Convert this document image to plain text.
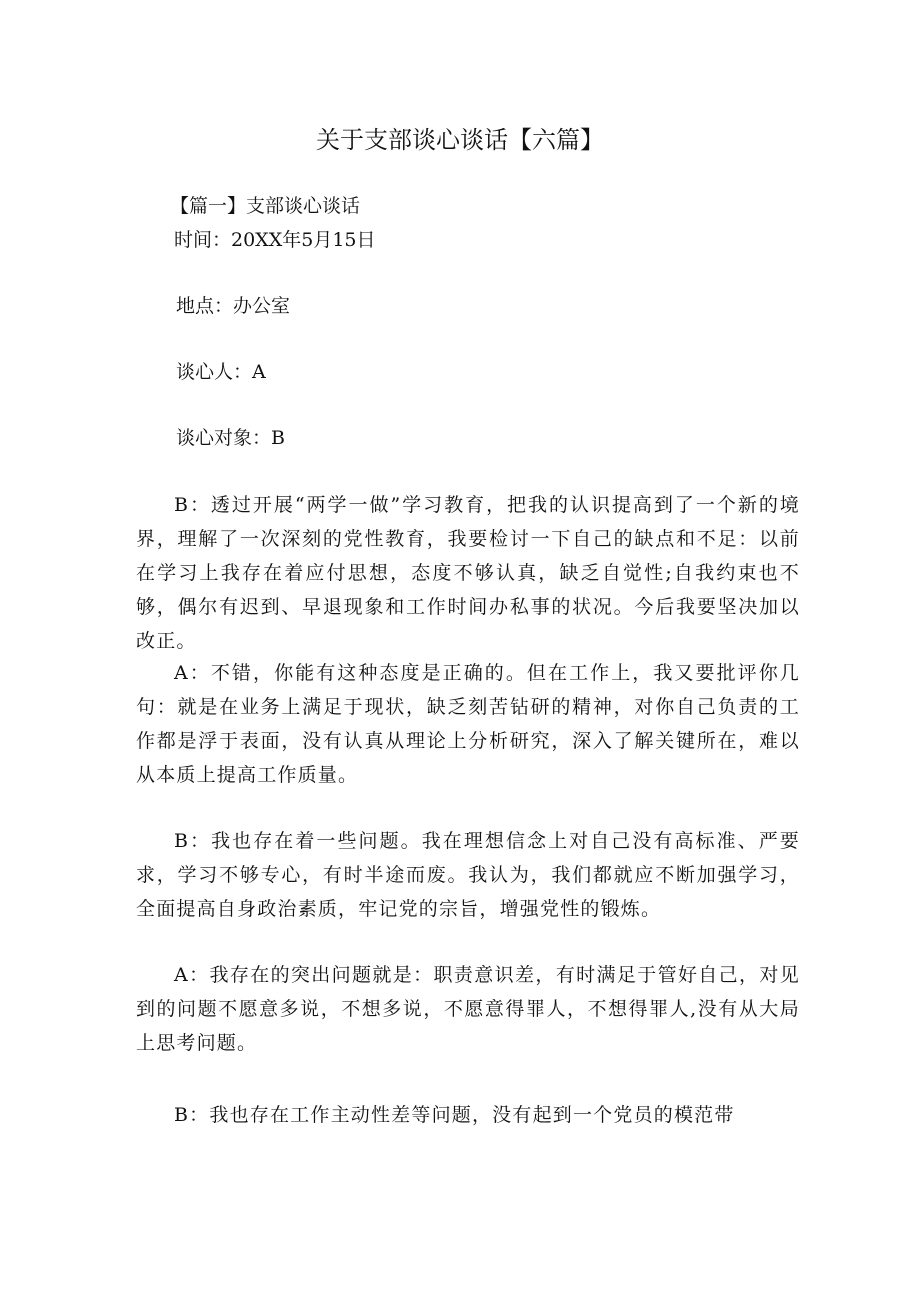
关于支部谈心谈话【六篇】
【篇一】支部谈心谈话
时间：20XX年5月15日
地点：办公室
谈心人：A
谈心对象：B
B：透过开展“两学一做”学习教育，把我的认识提高到了一个新的境界，理解了一次深刻的党性教育，我要检讨一下自己的缺点和不足：以前在学习上我存在着应付思想，态度不够认真，缺乏自觉性;自我约束也不够，偶尔有迟到、早退现象和工作时间办私事的状况。今后我要坚决加以改正。
A：不错，你能有这种态度是正确的。但在工作上，我又要批评你几句：就是在业务上满足于现状，缺乏刻苦钻研的精神，对你自己负责的工作都是浮于表面，没有认真从理论上分析研究，深入了解关键所在，难以从本质上提高工作质量。
B：我也存在着一些问题。我在理想信念上对自己没有高标准、严要求，学习不够专心，有时半途而废。我认为，我们都就应不断加强学习，全面提高自身政治素质，牢记党的宗旨，增强党性的锻炼。
A：我存在的突出问题就是：职责意识差，有时满足于管好自己，对见到的问题不愿意多说，不想多说，不愿意得罪人，不想得罪人,没有从大局上思考问题。
B：我也存在工作主动性差等问题，没有起到一个党员的模范带
